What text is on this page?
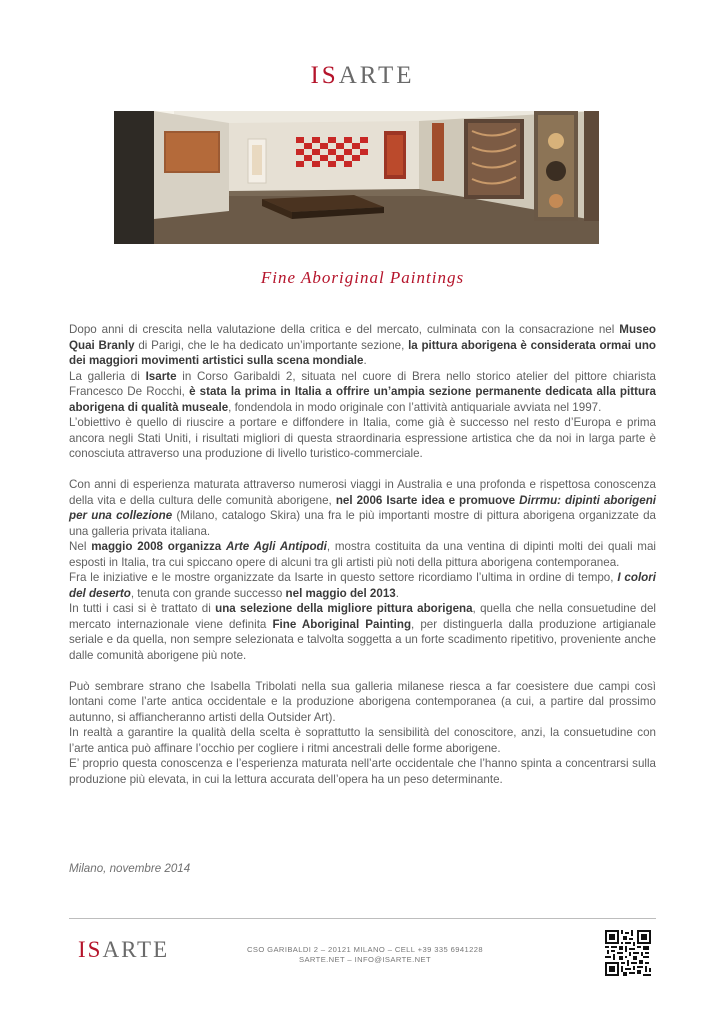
ISARTE
Fine Aboriginal Paintings

Dopo anni di crescita nella valutazione della critica e del mercato, culminata con la consacrazione nel Museo Quai Branly di Parigi, che le ha dedicato un’importante sezione, la pittura aborigena è considerata ormai uno dei maggiori movimenti artistici sulla scena mondiale.

La galleria di Isarte in Corso Garibaldi 2, situata nel cuore di Brera nello storico atelier del pittore chiarista Francesco De Rocchi, è stata la prima in Italia a offrire un’ampia sezione permanente dedicata alla pittura aborigena di qualità museale, fondendola in modo originale con l’attività antiquariale avviata nel 1997.

L’obiettivo è quello di riuscire a portare e diffondere in Italia, come già è successo nel resto d’Europa e prima ancora negli Stati Uniti, i risultati migliori di questa straordinaria espressione artistica che da noi in larga parte è conosciuta attraverso una produzione di livello turistico-commerciale.

Con anni di esperienza maturata attraverso numerosi viaggi in Australia e una profonda e rispettosa conoscenza della vita e della cultura delle comunità aborigene, nel 2006 Isarte idea e promuove Dirrmu: dipinti aborigeni per una collezione (Milano, catalogo Skira) una fra le più importanti mostre di pittura aborigena organizzate da una galleria privata italiana.

Nel maggio 2008 organizza Arte Agli Antipodi, mostra costituita da una ventina di dipinti molti dei quali mai esposti in Italia, tra cui spiccano opere di alcuni tra gli artisti più noti della pittura aborigena contemporanea.

Fra le iniziative e le mostre organizzate da Isarte in questo settore ricordiamo l’ultima in ordine di tempo, I colori del deserto, tenuta con grande successo nel maggio del 2013.

In tutti i casi si è trattato di una selezione della migliore pittura aborigena, quella che nella consuetudine del mercato internazionale viene definita Fine Aboriginal Painting, per distinguerla dalla produzione artigianale seriale e da quella, non sempre selezionata e talvolta soggetta a un forte scadimento ripetitivo, proveniente anche dalle comunità aborigene più note.

Può sembrare strano che Isabella Tribolati nella sua galleria milanese riesca a far coesistere due campi così lontani come l’arte antica occidentale e la produzione aborigena contemporanea (a cui, a partire dal prossimo autunno, si affiancheranno artisti della Outsider Art).

In realtà a garantire la qualità della scelta è soprattutto la sensibilità del conoscitore, anzi, la consuetudine con l’arte antica può affinare l’occhio per cogliere i ritmi ancestrali delle forme aborigene.

E’ proprio questa conoscenza e l’esperienza maturata nell’arte occidentale che l’hanno spinta a concentrarsi sulla produzione più elevata, in cui la lettura accurata dell’opera ha un peso determinante.

Milano, novembre 2014
ISARTE	CSO GARIBALDI 2 – 20121 MILANO – CELL +39 335 6941228
SARTE.NET – INFO@ISARTE.NET
